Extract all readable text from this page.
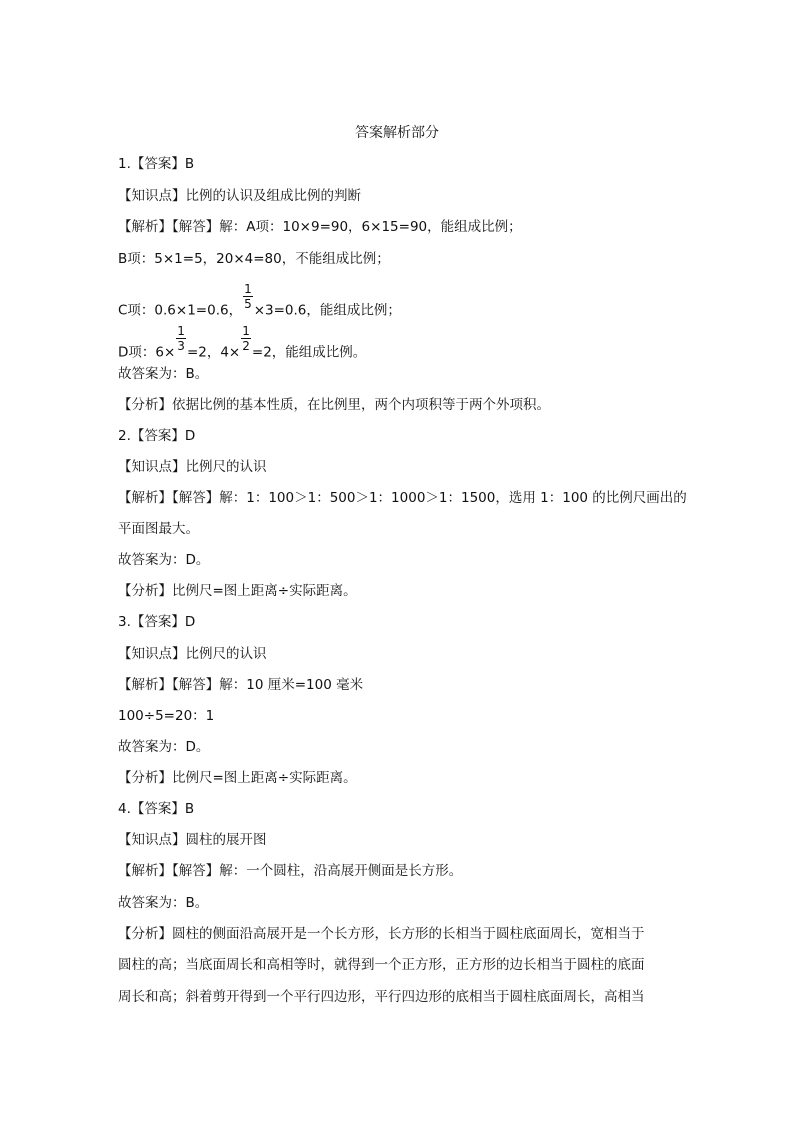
答案解析部分
1.【答案】B
【知识点】比例的认识及组成比例的判断
【解析】【解答】解：A项：10×9=90，6×15=90，能组成比例；
B项：5×1=5，20×4=80，不能组成比例；
C项：0.6×1=0.6， $\frac{1}{5} \times 3=0.6$，能组成比例；
D项：$6\times \frac{1}{3} =2$，$4\times \frac{1}{2} =2$，能组成比例。
故答案为：B。
【分析】依据比例的基本性质，在比例里，两个内项积等于两个外项积。
2.【答案】D
【知识点】比例尺的认识
【解析】【解答】解：1：100＞1：500＞1：1000＞1：1500，选用 1：100 的比例尺画出的
平面图最大。
故答案为：D。
【分析】比例尺=图上距离÷实际距离。
3.【答案】D
【知识点】比例尺的认识
【解析】【解答】解：10 厘米=100 毫米
100÷5=20：1
故答案为：D。
【分析】比例尺=图上距离÷实际距离。
4.【答案】B
【知识点】圆柱的展开图
【解析】【解答】解：一个圆柱，沿高展开侧面是长方形。
故答案为：B。
【分析】圆柱的侧面沿高展开是一个长方形，长方形的长相当于圆柱底面周长，宽相当于
圆柱的高；当底面周长和高相等时，就得到一个正方形，正方形的边长相当于圆柱的底面
周长和高；斜着剪开得到一个平行四边形，平行四边形的底相当于圆柱底面周长，高相当
